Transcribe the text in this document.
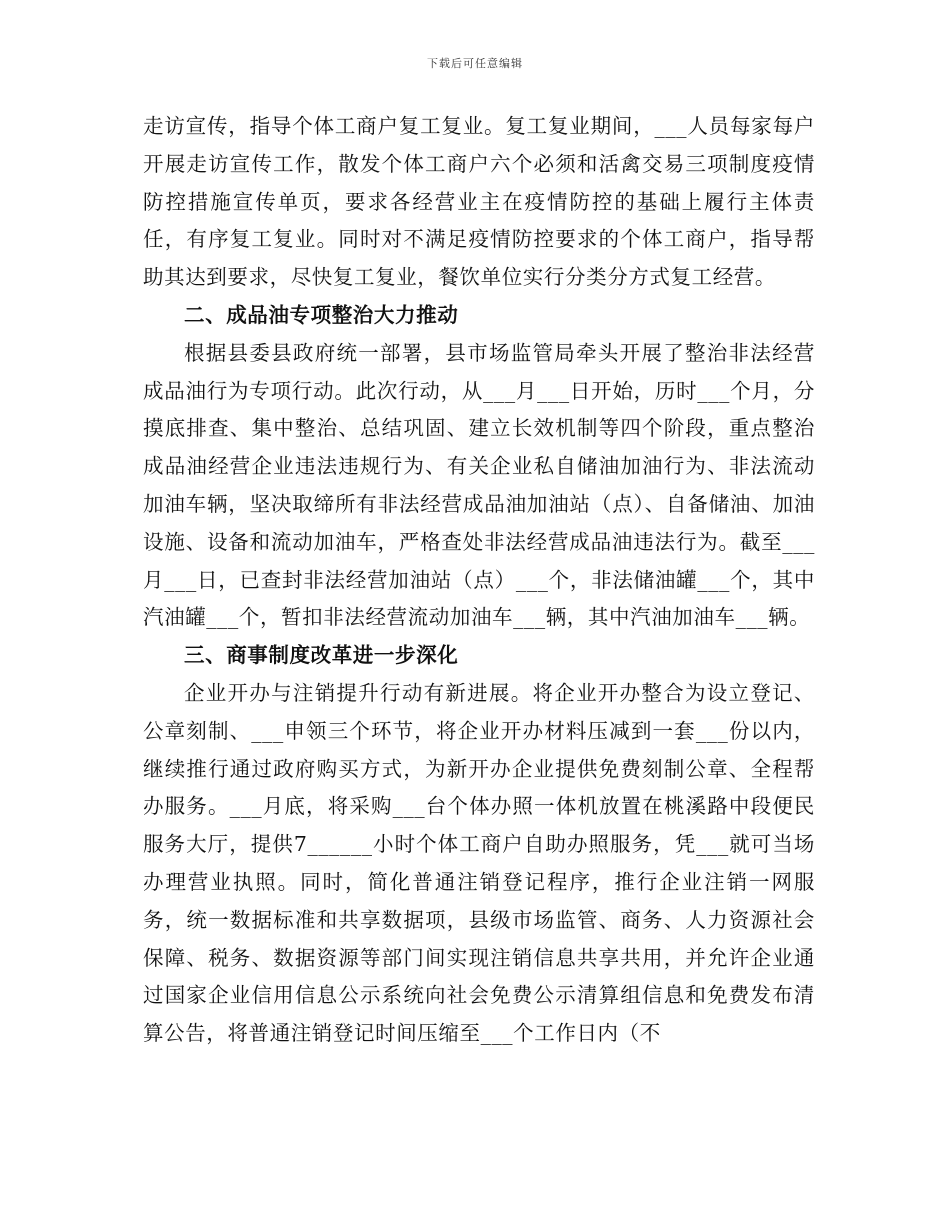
下载后可任意编辑

走访宣传，指导个体工商户复工复业。复工复业期间，___人员每家每户开展走访宣传工作，散发个体工商户六个必须和活禽交易三项制度疫情防控措施宣传单页，要求各经营业主在疫情防控的基础上履行主体责任，有序复工复业。同时对不满足疫情防控要求的个体工商户，指导帮助其达到要求，尽快复工复业，餐饮单位实行分类分方式复工经营。

二、成品油专项整治大力推动

根据县委县政府统一部署，县市场监管局牵头开展了整治非法经营成品油行为专项行动。此次行动，从___月___日开始，历时___个月，分摸底排查、集中整治、总结巩固、建立长效机制等四个阶段，重点整治成品油经营企业违法违规行为、有关企业私自储油加油行为、非法流动加油车辆，坚决取缔所有非法经营成品油加油站（点）、自备储油、加油设施、设备和流动加油车，严格查处非法经营成品油违法行为。截至___月___日，已查封非法经营加油站（点）___个，非法储油罐___个，其中汽油罐___个，暂扣非法经营流动加油车___辆，其中汽油加油车___辆。

三、商事制度改革进一步深化

企业开办与注销提升行动有新进展。将企业开办整合为设立登记、公章刻制、___申领三个环节，将企业开办材料压减到一套___份以内，继续推行通过政府购买方式，为新开办企业提供免费刻制公章、全程帮办服务。___月底，将采购___台个体办照一体机放置在桃溪路中段便民服务大厅，提供7______小时个体工商户自助办照服务，凭___就可当场办理营业执照。同时，简化普通注销登记程序，推行企业注销一网服务，统一数据标准和共享数据项，县级市场监管、商务、人力资源社会保障、税务、数据资源等部门间实现注销信息共享共用，并允许企业通过国家企业信用信息公示系统向社会免费公示清算组信息和免费发布清算公告，将普通注销登记时间压缩至___个工作日内（不
